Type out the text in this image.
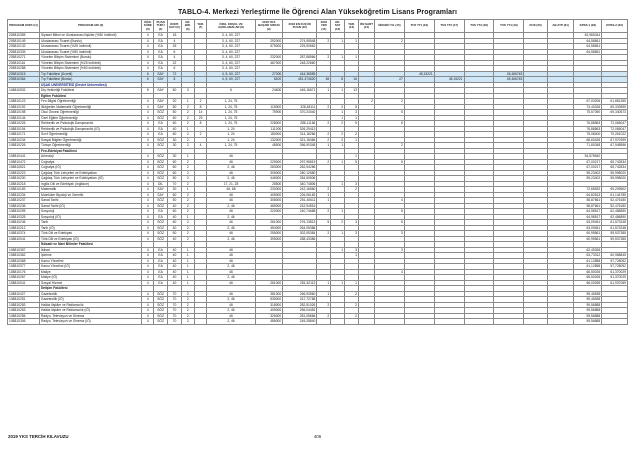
TABLO-4. Merkezi Yerleştirme İle Öğrenci Alan Yükseköğretim Lisans Programları
PROGRAM KODU (1)	PROGRAM ADI (2)	ÖĞR. SÜRE (3)	PUAN TÜRÜ (4)	KONT. SAYI (5)	OK. BİR. (6)	YER. (7)	ÖZEL KOŞUL VE AÇIKLAMALAR (8)	2018 YKS BAŞARI SIRASI (9)	2018 EN KÜÇÜK PUAN (10)	2018 YER (11)	OK. SAY (12)	YER. (13)	ÖN ŞART (14)	ÖNCEKİ YIL (15)	TUS T71 (16)	TUS T72 (17)	TUS Y73 (18)	TUS Y74 (19)	DUS (20)	AB AYP (21)	KPSS-1 (22)	KPSS-2 (23)
205810355	Siyaset Bilimi ve Uluslararası İlişkiler (%50 İndirimli)	4	EA	18			3, 4, 60, 227														62,965344	
205810149	Uluslararası Ticaret (Burslu)	4	EA	4			3, 4, 60, 227	292000	274,95548	2	1	1		2							64,58651	
205810132	Uluslararası Ticaret (%25 İndirimli)	4	EA	25			3, 4, 60, 227	575000	225,90662												64,58651	
205810339	Uluslararası Ticaret (%50 İndirimli)	4	EA	6			3, 4, 60, 227														64,58651	
205810271	Yönetim Bilişim Sistemleri (Burslu)	4	EA	4			3, 4, 60, 227	232000	287,88566	2	1	1										
205810116	Yönetim Bilişim Sistemleri (%25 İndirimli)	4	EA	22			3, 4, 60, 227	467000	248,22660													
205810288	Yönetim Bilişim Sistemleri (%50 İndirimli)	4	EA	6			3, 4, 60, 227															
205810315	Tıp Fakültesi (Ücretli)	6	SAY	72			4, 5, 60, 227	27000	444,36555						45,15221			45,466745				
205810364	Tıp Fakültesi (Burslu)	6	SAY	8			4, 5, 60, 227	8100	451,474620	46	8	16		27		45,15221		45,466745				
	UŞAK ÜNİVERSİTESİ (Devlet Üniversitesi)																					
108810532	Diş Hekimliği Fakültesi	5	SAY	50	3		6	24600	446,16671	1	1	13										
	Eğitim Fakültesi																					
108810123	Fen Bilgisi Öğretmenliği	4	SAY	20	1	2	1, 24, 75						2	2							67,00206	61,881355
108810192	İlköğretim Matematik Öğretmenliği	4	SAY	50	2	8	1, 24, 75	115000	328,48111	2	2	5									74,40326	69,333595
108810198	Okul Öncesi Öğretmenliği	4	SÖZ	50	2	14	1, 24, 75	75900	370,24040		1	3		5							75,57390	69,340573
108810144	Özel Eğitim Öğretmenliği	4	SÖZ	60	2	29	1, 24, 75				1	1										
108810226	Rehberlik ve Psikolojik Danışmanlık	4	EA	60	2	8	1, 24, 75	228000	286,11166	2	2	5		6							76,88563	72,065047
108810194	Rehberlik ve Psikolojik Danışmanlık (İÖ)	4	EA	40	1		1, 24	111000	326,29413												76,88563	72,065047
108810171	Sınıf Öğretmenliği	4	EA	60	2	2	1, 24	180000	314,18266	2	2	2									75,08400	70,261022
108810244	Sosyal Bilgiler Öğretmenliği	4	SÖZ	30	2		1, 24	132000	321,18466	2	2	1									68,60426	67,970399
108810226	Türkçe Öğretmenliği	4	SÖZ	30	2	4	1, 24, 75	48500	356,90348	1	1			2							71,80348	67,948596
	Fen-Edebiyat Fakültesi																					
108810441	Arkeoloji	4	SÖZ	30	1		46					1									54,578540	
108810472	Coğrafya	4	SÖZ	60	2		46	225000	297,95819	2	1	5		5							67,00217	65,742834
108810521	Coğrafya (İÖ)	4	SÖZ	60	2		2, 46	283000	282,54286												67,00217	65,742834
108810223	Çağdaş Türk Lehçeleri ve Edebiyatları	4	SÖZ	60	2		46	305000	280,12680												59,23402	55,998020
108810230	Çağdaş Türk Lehçeleri ve Edebiyatları (İÖ)	4	SÖZ	50	2		2, 46	446000	284,50506												59,23402	55,998020
108810218	İngiliz Dili ve Edebiyatı (İngilizce)	4	DİL	70	2		17, 21, 28	25800	340,74806		1	3										
108810183	Matematik	4	SAY	30	1		46, 68	230000	242,16560	2		2									72,65532	69,209502
108810234	Moleküler Biyoloji ve Genetik	4	SAY	60	2		46	405000	226,06183	1											64,82513	61,144785
108810237	Sanat Tarihi	4	SÖZ	50	2		46	308000	251,40611	1				4							58,87661	52,476180
108810236	Sanat Tarihi (İÖ)	4	SÖZ	40	2		2, 46	465000	242,94816												58,87661	52,476180
108810295	Sosyoloji	4	EA	60	2		46	220000	240,74688	2	1			5							64,98517	62,486890
108810325	Sosyoloji (İÖ)	4	EA	40	1		2, 46														64,98517	62,486890
108810246	Tarih	4	SÖZ	60	2		46	261000	276,13813	5	2	3		5							63,09451	61,573248
108810212	Tarih (İÖ)	4	SÖZ	40	2		2, 46	454000	264,05386												63,09451	61,573248
108810374	Türk Dili ve Edebiyatı	4	SÖZ	50	2		46	255000	302,05384	2	1	3		3							60,95561	59,537385
108810041	Türk Dili ve Edebiyatı (İÖ)	4	SÖZ	40	2		2, 46	395000	288,43386												60,95561	59,537385
	İktisadi ve İdari Bilimler Fakültesi																					
108810357	İktisat	4	EA	40	1		46				1	3		3							62,49326	
108810362	İşletme	4	EA	40	1		46					1									63,73312	60,968845
108810368	Kamu Yönetimi	4	EA	40	1		46														61,12858	57,728052
108810377	Kamu Yönetimi (İÖ)	4	EA	40	1		2, 46														61,12858	57,728052
108810176	Maliye	4	EA	40	1		46							4							66,50026	61,370029
108810267	Maliye (İÖ)	4	EA	40	1		2, 46														66,50026	61,370029
108810041	Sosyal Hizmet	4	EA	40	1		46	261000	281,52113	1	1	1									66,00255	61,937069
	İletişim Fakültesi																					
108810427	Gazetecilik	4	SÖZ	70	2		46	381000	266,93560	1		2									59,46538	
108810251	Gazetecilik (İÖ)	4	SÖZ	70	2		2, 46	535000	247,72788												59,46538	
108810283	Halkla İlişkiler ve Reklamcılık	4	SÖZ	70	2		46	318000	282,51026	2		2									59,56888	
108810263	Halkla İlişkiler ve Reklamcılık (İÖ)	4	SÖZ	70	2		2, 46	405000	256,04481												59,56888	
108810256	Radyo, Televizyon ve Sinema	4	SÖZ	70	2		46	326000	281,05666	2		2									59,56888	
108810306	Radyo, Televizyon ve Sinema (İÖ)	4	SÖZ	70	2		2, 46	486000	249,28840												59,56888	
2019 YKS TERCİH KILAVUZU	406
